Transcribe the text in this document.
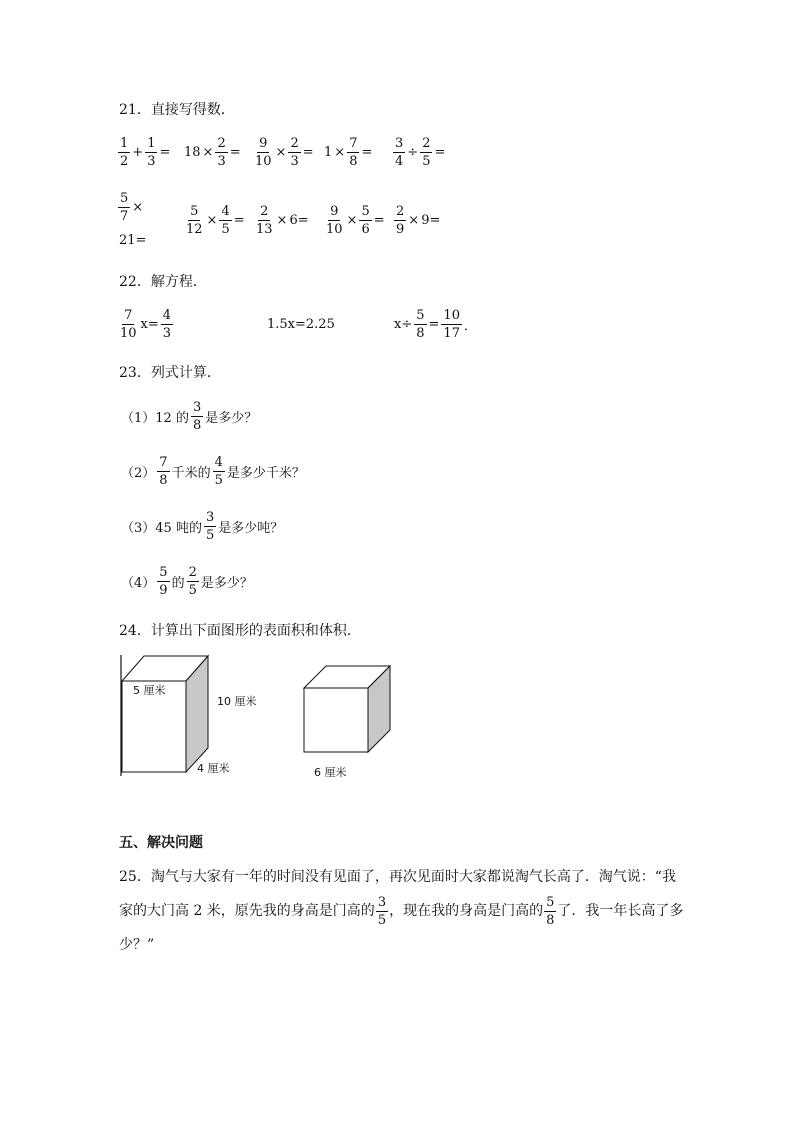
21．直接写得数．
$\frac{1}{2} + \frac{1}{3} = 18 \times \frac{2}{3} = \frac{9}{10} \times \frac{2}{3} = 1 \times \frac{7}{8} = \frac{3}{4} \div \frac{2}{5}$ =
$\frac{5}{7}$ ×
21=
$\frac{5}{12} \times \frac{4}{5} = \frac{2}{13} \times 6= \frac{9}{10} \times \frac{5}{6} = \frac{2}{9} \times 9=$
22．解方程．
$\frac{7}{10} x= \frac{4}{3}$	1.5x=2.25	$x\div \frac{5}{8} = \frac{10}{17}$ ．
23．列式计算．
（1）12 的 $\frac{3}{8}$ 是多少？
$(2) \frac{7}{8}$ 千米的 $\frac{4}{5}$ 是多少千米？
（3）45 吨的 $\frac{3}{5}$ 是多少吨？
$(4) \frac{5}{9}$ 的 $\frac{2}{5}$ 是多少？
24．计算出下面图形的表面积和体积．
5 厘米
10 厘米
4 厘米	6 厘米
五、解决问题
25．淘气与大家有一年的时间没有见面了，再次见面时大家都说淘气长高了．淘气说：“我
家的大门高 2 米，原先我的身高是门高的 $\frac{3}{5}$ ，现在我的身高是门高的 $\frac{5}{8}$ 了．我一年长高了多
少？”
